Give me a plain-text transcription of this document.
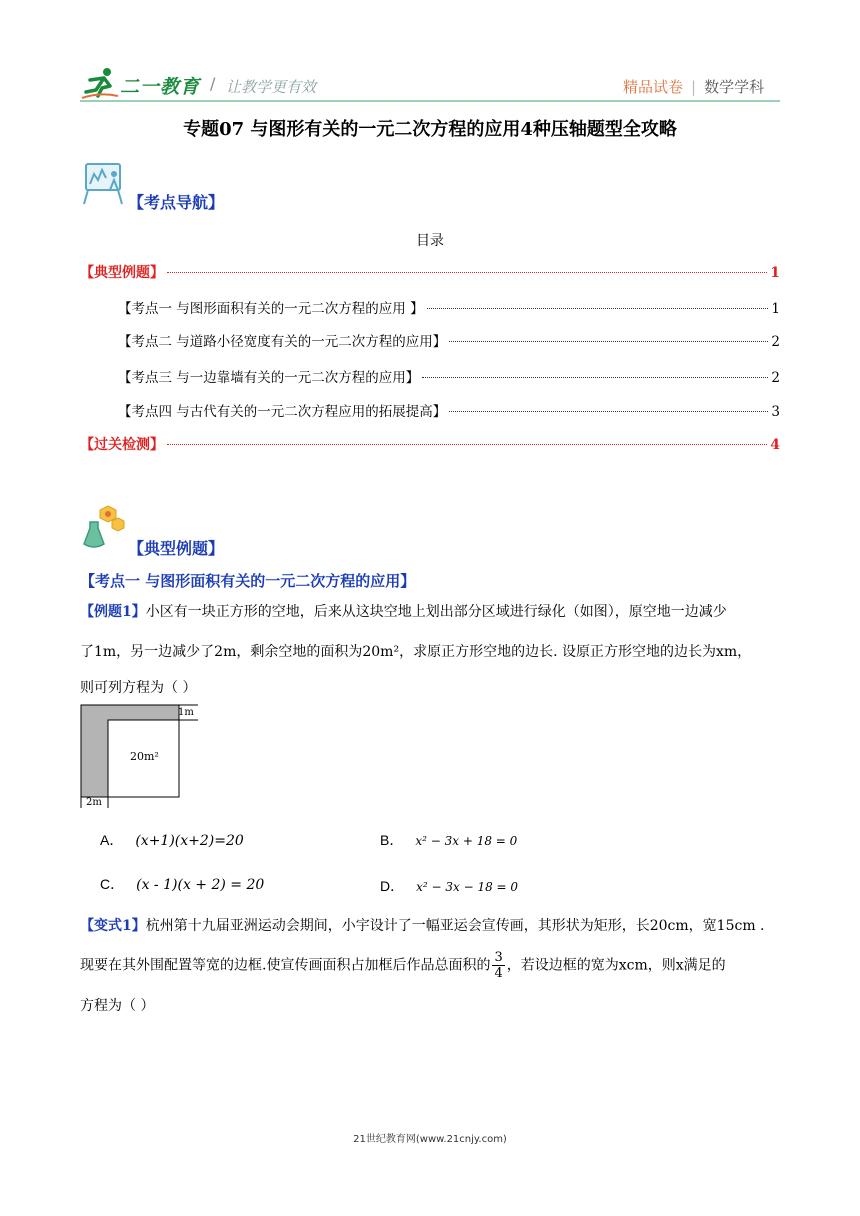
二一教育 / 让教学更有效	精品试卷 | 数学学科
专题07 与图形有关的一元二次方程的应用4种压轴题型全攻略
【考点导航】
目录
【典型例题】	1
【考点一 与图形面积有关的一元二次方程的应用 】	1
【考点二 与道路小径宽度有关的一元二次方程的应用】	2
【考点三 与一边靠墙有关的一元二次方程的应用】	2
【考点四 与古代有关的一元二次方程应用的拓展提高】	3
【过关检测】	4
【典型例题】
【考点一 与图形面积有关的一元二次方程的应用】
【例题1】小区有一块正方形的空地，后来从这块空地上划出部分区域进行绿化（如图），原空地一边减少
了1m，另一边减少了2m，剩余空地的面积为20m²，求原正方形空地的边长. 设原正方形空地的边长为xm，
则可列方程为（ ）
1m
20m²
2m
A． (x+1)(x+2)=20	B． x² − 3x + 18 = 0
C． (x - 1)(x + 2) = 20	D． x² − 3x − 18 = 0
【变式1】杭州第十九届亚洲运动会期间，小宇设计了一幅亚运会宣传画，其形状为矩形，长20cm，宽15cm .
现要在其外围配置等宽的边框.使宣传画面积占加框后作品总面积的 $\frac{3}{4}$ ，若设边框的宽为xcm，则x满足的
方程为（ ）
21世纪教育网(www.21cnjy.com)
